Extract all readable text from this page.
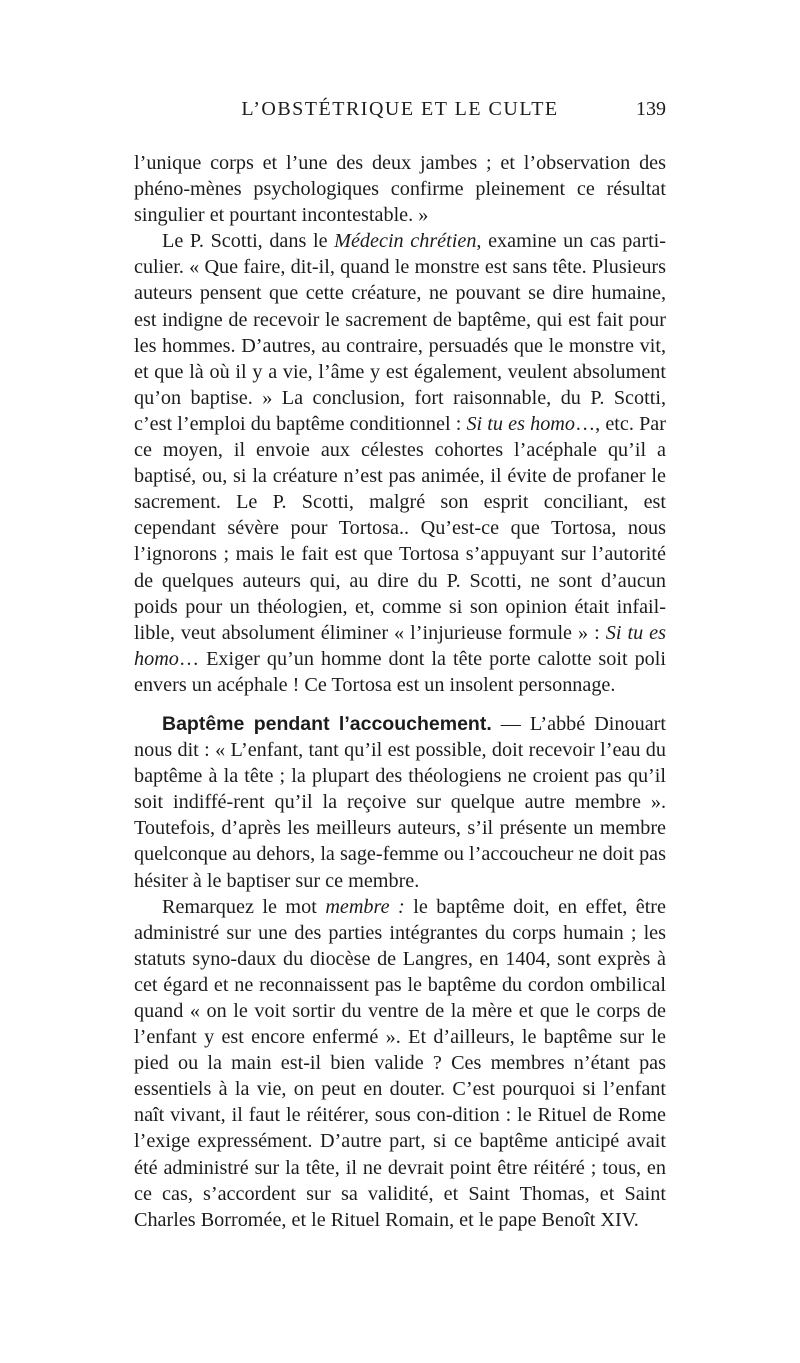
L’OBSTÉTRIQUE ET LE CULTE	139

l’unique corps et l’une des deux jambes ; et l’observation des phéno-mènes psychologiques confirme pleinement ce résultat singulier et pourtant incontestable. »

Le P. Scotti, dans le Médecin chrétien, examine un cas parti-culier. « Que faire, dit-il, quand le monstre est sans tête. Plusieurs auteurs pensent que cette créature, ne pouvant se dire humaine, est indigne de recevoir le sacrement de baptême, qui est fait pour les hommes. D’autres, au contraire, persuadés que le monstre vit, et que là où il y a vie, l’âme y est également, veulent absolument qu’on baptise. » La conclusion, fort raisonnable, du P. Scotti, c’est l’emploi du baptême conditionnel : Si tu es homo…, etc. Par ce moyen, il envoie aux célestes cohortes l’acéphale qu’il a baptisé, ou, si la créature n’est pas animée, il évite de profaner le sacrement. Le P. Scotti, malgré son esprit conciliant, est cependant sévère pour Tortosa.. Qu’est-ce que Tortosa, nous l’ignorons ; mais le fait est que Tortosa s’appuyant sur l’autorité de quelques auteurs qui, au dire du P. Scotti, ne sont d’aucun poids pour un théologien, et, comme si son opinion était infail-lible, veut absolument éliminer « l’injurieuse formule » : Si tu es homo… Exiger qu’un homme dont la tête porte calotte soit poli envers un acéphale ! Ce Tortosa est un insolent personnage.

Baptême pendant l’accouchement. — L’abbé Dinouart nous dit : « L’enfant, tant qu’il est possible, doit recevoir l’eau du baptême à la tête ; la plupart des théologiens ne croient pas qu’il soit indiffé-rent qu’il la reçoive sur quelque autre membre ». Toutefois, d’après les meilleurs auteurs, s’il présente un membre quelconque au dehors, la sage-femme ou l’accoucheur ne doit pas hésiter à le baptiser sur ce membre.

Remarquez le mot membre : le baptême doit, en effet, être administré sur une des parties intégrantes du corps humain ; les statuts syno-daux du diocèse de Langres, en 1404, sont exprès à cet égard et ne reconnaissent pas le baptême du cordon ombilical quand « on le voit sortir du ventre de la mère et que le corps de l’enfant y est encore enfermé ». Et d’ailleurs, le baptême sur le pied ou la main est-il bien valide ? Ces membres n’étant pas essentiels à la vie, on peut en douter. C’est pourquoi si l’enfant naît vivant, il faut le réitérer, sous con-dition : le Rituel de Rome l’exige expressément. D’autre part, si ce baptême anticipé avait été administré sur la tête, il ne devrait point être réitéré ; tous, en ce cas, s’accordent sur sa validité, et Saint Thomas, et Saint Charles Borromée, et le Rituel Romain, et le pape Benoît XIV.
